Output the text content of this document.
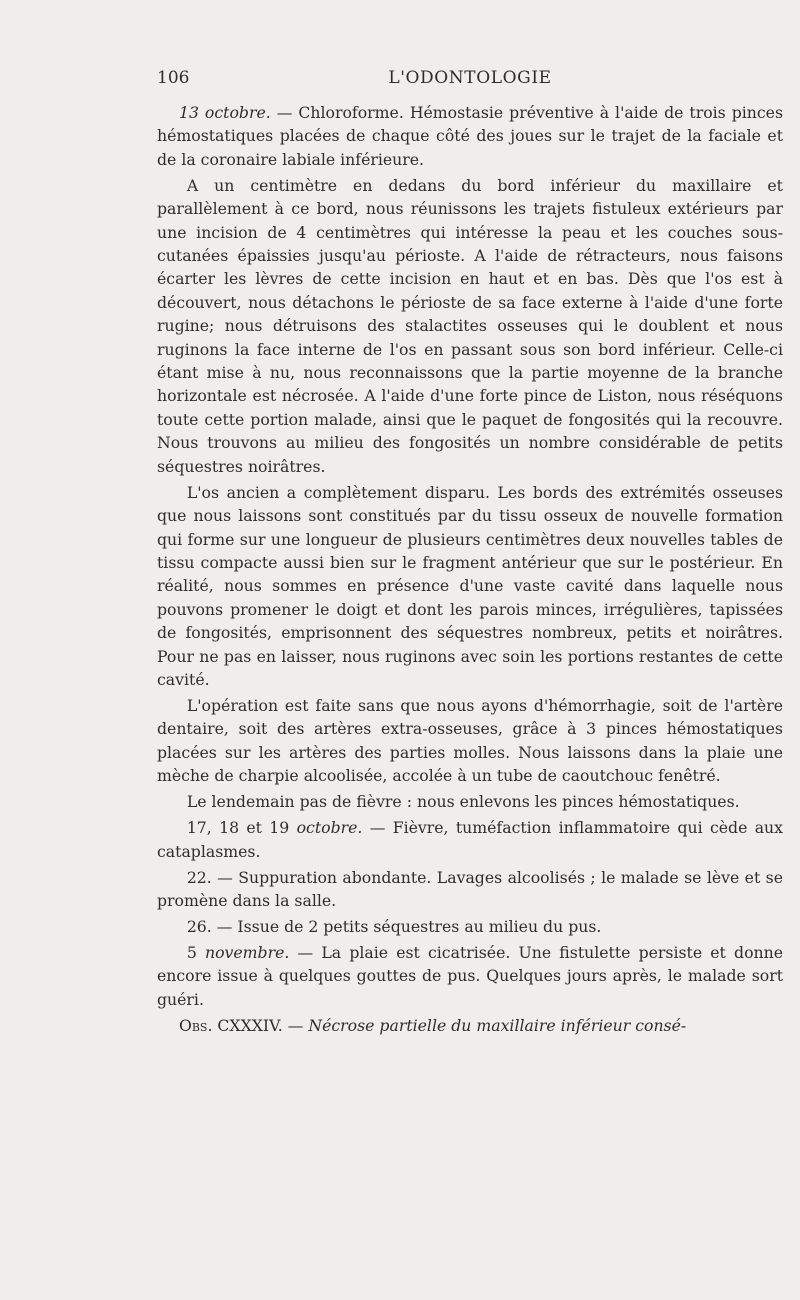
106	L'ODONTOLOGIE

13 octobre. — Chloroforme. Hémostasie préventive à l'aide de trois pinces hémostatiques placées de chaque côté des joues sur le trajet de la faciale et de la coronaire labiale inférieure.

A un centimètre en dedans du bord inférieur du maxillaire et parallèlement à ce bord, nous réunissons les trajets fistuleux extérieurs par une incision de 4 centimètres qui intéresse la peau et les couches sous-cutanées épaissies jusqu'au périoste. A l'aide de rétracteurs, nous faisons écarter les lèvres de cette incision en haut et en bas. Dès que l'os est à découvert, nous détachons le périoste de sa face externe à l'aide d'une forte rugine; nous détruisons des stalactites osseuses qui le doublent et nous ruginons la face interne de l'os en passant sous son bord inférieur. Celle-ci étant mise à nu, nous reconnaissons que la partie moyenne de la branche horizontale est nécrosée. A l'aide d'une forte pince de Liston, nous réséquons toute cette portion malade, ainsi que le paquet de fongosités qui la recouvre. Nous trouvons au milieu des fongosités un nombre considérable de petits séquestres noirâtres.

L'os ancien a complètement disparu. Les bords des extrémités osseuses que nous laissons sont constitués par du tissu osseux de nouvelle formation qui forme sur une longueur de plusieurs centimètres deux nouvelles tables de tissu compacte aussi bien sur le fragment antérieur que sur le postérieur. En réalité, nous sommes en présence d'une vaste cavité dans laquelle nous pouvons promener le doigt et dont les parois minces, irrégulières, tapissées de fongosités, emprisonnent des séquestres nombreux, petits et noirâtres. Pour ne pas en laisser, nous ruginons avec soin les portions restantes de cette cavité.

L'opération est faite sans que nous ayons d'hémorrhagie, soit de l'artère dentaire, soit des artères extra-osseuses, grâce à 3 pinces hémostatiques placées sur les artères des parties molles. Nous laissons dans la plaie une mèche de charpie alcoolisée, accolée à un tube de caoutchouc fenêtré.

Le lendemain pas de fièvre : nous enlevons les pinces hémostatiques.

17, 18 et 19 octobre. — Fièvre, tuméfaction inflammatoire qui cède aux cataplasmes.

22. — Suppuration abondante. Lavages alcoolisés ; le malade se lève et se promène dans la salle.

26. — Issue de 2 petits séquestres au milieu du pus.

5 novembre. — La plaie est cicatrisée. Une fistulette persiste et donne encore issue à quelques gouttes de pus. Quelques jours après, le malade sort guéri.

Obs. CXXXIV. — Nécrose partielle du maxillaire inférieur consé-
